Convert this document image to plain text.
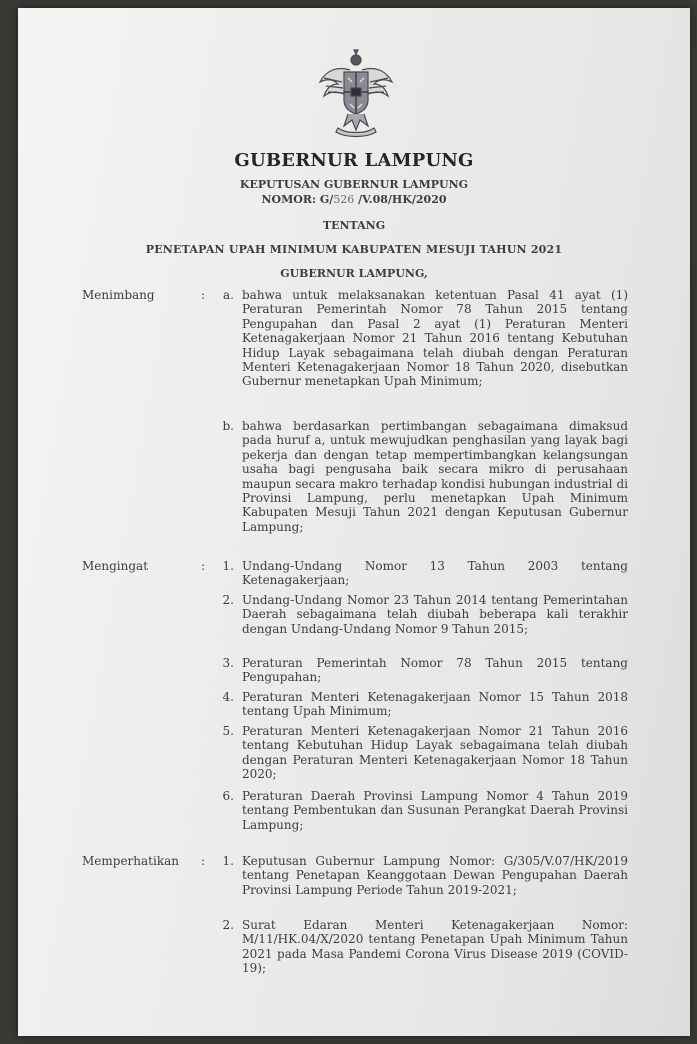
GUBERNUR LAMPUNG
KEPUTUSAN GUBERNUR LAMPUNG
NOMOR: G/526 /V.08/HK/2020
TENTANG
PENETAPAN UPAH MINIMUM KABUPATEN MESUJI TAHUN 2021
GUBERNUR LAMPUNG,
Menimbang	:	a. bahwa untuk melaksanakan ketentuan Pasal 41 ayat (1) Peraturan Pemerintah Nomor 78 Tahun 2015 tentang Pengupahan dan Pasal 2 ayat (1) Peraturan Menteri Ketenagakerjaan Nomor 21 Tahun 2016 tentang Kebutuhan Hidup Layak sebagaimana telah diubah dengan Peraturan Menteri Ketenagakerjaan Nomor 18 Tahun 2020, disebutkan Gubernur menetapkan Upah Minimum;
b. bahwa berdasarkan pertimbangan sebagaimana dimaksud pada huruf a, untuk mewujudkan penghasilan yang layak bagi pekerja dan dengan tetap mempertimbangkan kelangsungan usaha bagi pengusaha baik secara mikro di perusahaan maupun secara makro terhadap kondisi hubungan industrial di Provinsi Lampung, perlu menetapkan Upah Minimum Kabupaten Mesuji Tahun 2021 dengan Keputusan Gubernur Lampung;
Mengingat	:	1. Undang-Undang Nomor 13 Tahun 2003 tentang Ketenagakerjaan;
2. Undang-Undang Nomor 23 Tahun 2014 tentang Pemerintahan Daerah sebagaimana telah diubah beberapa kali terakhir dengan Undang-Undang Nomor 9 Tahun 2015;
3. Peraturan Pemerintah Nomor 78 Tahun 2015 tentang Pengupahan;
4. Peraturan Menteri Ketenagakerjaan Nomor 15 Tahun 2018 tentang Upah Minimum;
5. Peraturan Menteri Ketenagakerjaan Nomor 21 Tahun 2016 tentang Kebutuhan Hidup Layak sebagaimana telah diubah dengan Peraturan Menteri Ketenagakerjaan Nomor 18 Tahun 2020;
6. Peraturan Daerah Provinsi Lampung Nomor 4 Tahun 2019 tentang Pembentukan dan Susunan Perangkat Daerah Provinsi Lampung;
Memperhatikan :	1. Keputusan Gubernur Lampung Nomor: G/305/V.07/HK/2019 tentang Penetapan Keanggotaan Dewan Pengupahan Daerah Provinsi Lampung Periode Tahun 2019-2021;
2. Surat Edaran Menteri Ketenagakerjaan Nomor: M/11/HK.04/X/2020 tentang Penetapan Upah Minimum Tahun 2021 pada Masa Pandemi Corona Virus Disease 2019 (COVID-19);
